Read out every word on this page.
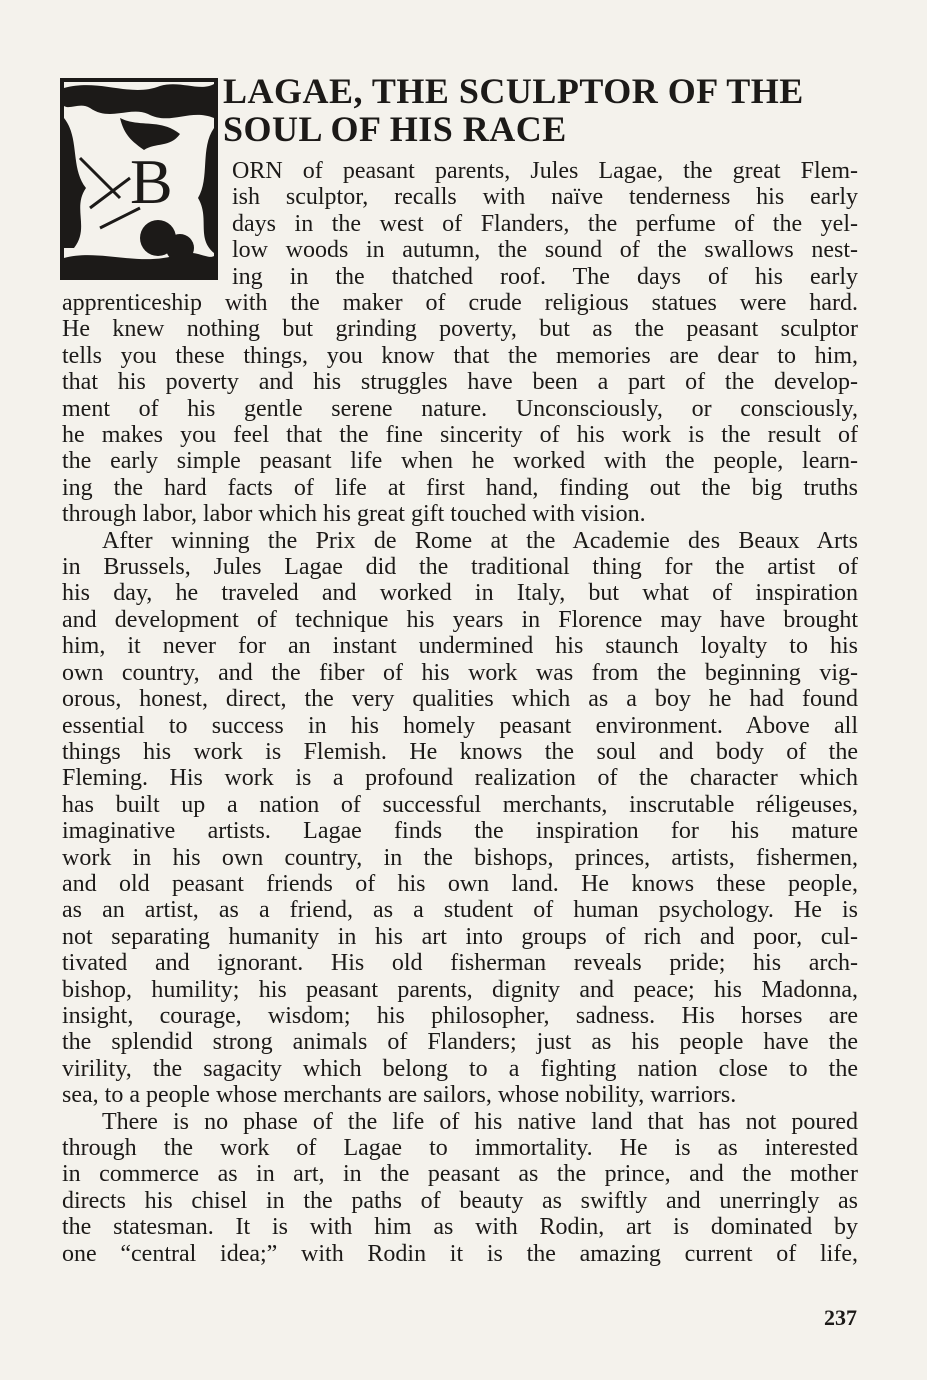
B
LAGAE, THE SCULPTOR OF THE
SOUL OF HIS RACE
ORN of peasant parents, Jules Lagae, the great Flem-
ish sculptor, recalls with naïve tenderness his early
days in the west of Flanders, the perfume of the yel-
low woods in autumn, the sound of the swallows nest-
ing in the thatched roof. The days of his early
apprenticeship with the maker of crude religious statues were hard.
He knew nothing but grinding poverty, but as the peasant sculptor
tells you these things, you know that the memories are dear to him,
that his poverty and his struggles have been a part of the develop-
ment of his gentle serene nature. Unconsciously, or consciously,
he makes you feel that the fine sincerity of his work is the result of
the early simple peasant life when he worked with the people, learn-
ing the hard facts of life at first hand, finding out the big truths
through labor, labor which his great gift touched with vision.
After winning the Prix de Rome at the Academie des Beaux Arts
in Brussels, Jules Lagae did the traditional thing for the artist of
his day, he traveled and worked in Italy, but what of inspiration
and development of technique his years in Florence may have brought
him, it never for an instant undermined his staunch loyalty to his
own country, and the fiber of his work was from the beginning vig-
orous, honest, direct, the very qualities which as a boy he had found
essential to success in his homely peasant environment. Above all
things his work is Flemish. He knows the soul and body of the
Fleming. His work is a profound realization of the character which
has built up a nation of successful merchants, inscrutable réligeuses,
imaginative artists. Lagae finds the inspiration for his mature
work in his own country, in the bishops, princes, artists, fishermen,
and old peasant friends of his own land. He knows these people,
as an artist, as a friend, as a student of human psychology. He is
not separating humanity in his art into groups of rich and poor, cul-
tivated and ignorant. His old fisherman reveals pride; his arch-
bishop, humility; his peasant parents, dignity and peace; his Madonna,
insight, courage, wisdom; his philosopher, sadness. His horses are
the splendid strong animals of Flanders; just as his people have the
virility, the sagacity which belong to a fighting nation close to the
sea, to a people whose merchants are sailors, whose nobility, warriors.
There is no phase of the life of his native land that has not poured
through the work of Lagae to immortality. He is as interested
in commerce as in art, in the peasant as the prince, and the mother
directs his chisel in the paths of beauty as swiftly and unerringly as
the statesman. It is with him as with Rodin, art is dominated by
one “central idea;” with Rodin it is the amazing current of life,
237
